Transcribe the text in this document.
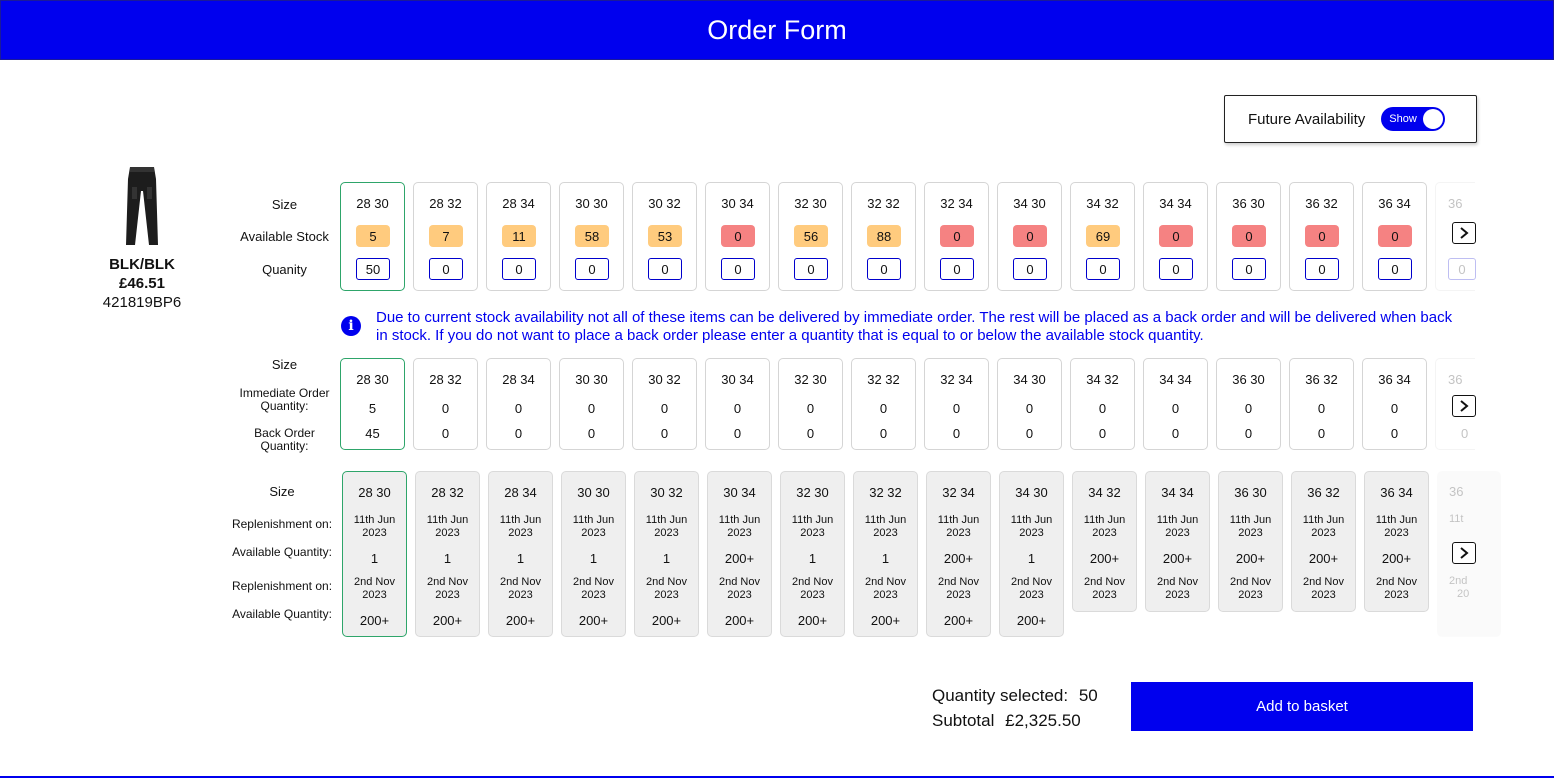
Order Form
Future Availability Show
BLK/BLK
£46.51
421819BP6
Size
Available Stock
Quanity
28 30
5
50
28 32
7
0
28 34
11
0
30 30
58
0
30 32
53
0
30 34
0
0
32 30
56
0
32 32
88
0
32 34
0
0
34 30
0
0
34 32
69
0
34 34
0
0
36 30
0
0
36 32
0
0
36 34
0
0
36
0
i	Due to current stock availability not all of these items can be delivered by immediate order. The rest will be placed as a back order and will be delivered when back in stock. If you do not want to place a back order please enter a quantity that is equal to or below the available stock quantity.
Size
Immediate Order Quantity:
Back Order Quantity:
28 30
5
45
28 32
0
0
28 34
0
0
30 30
0
0
30 32
0
0
30 34
0
0
32 30
0
0
32 32
0
0
32 34
0
0
34 30
0
0
34 32
0
0
34 34
0
0
36 30
0
0
36 32
0
0
36 34
0
0
36
0
Size
Replenishment on:
Available Quantity:
Replenishment on:
Available Quantity:
28 30
11th Jun 2023
1
2nd Nov 2023
200+
28 32
11th Jun 2023
1
2nd Nov 2023
200+
28 34
11th Jun 2023
1
2nd Nov 2023
200+
30 30
11th Jun 2023
1
2nd Nov 2023
200+
30 32
11th Jun 2023
1
2nd Nov 2023
200+
30 34
11th Jun 2023
200+
2nd Nov 2023
200+
32 30
11th Jun 2023
1
2nd Nov 2023
200+
32 32
11th Jun 2023
1
2nd Nov 2023
200+
32 34
11th Jun 2023
200+
2nd Nov 2023
200+
34 30
11th Jun 2023
1
2nd Nov 2023
200+
34 32
11th Jun 2023
200+
2nd Nov 2023
34 34
11th Jun 2023
200+
2nd Nov 2023
36 30
11th Jun 2023
200+
2nd Nov 2023
36 32
11th Jun 2023
200+
2nd Nov 2023
36 34
11th Jun 2023
200+
2nd Nov 2023
36
11t
2nd
20
Quantity selected: 50
Subtotal £2,325.50
Add to basket
